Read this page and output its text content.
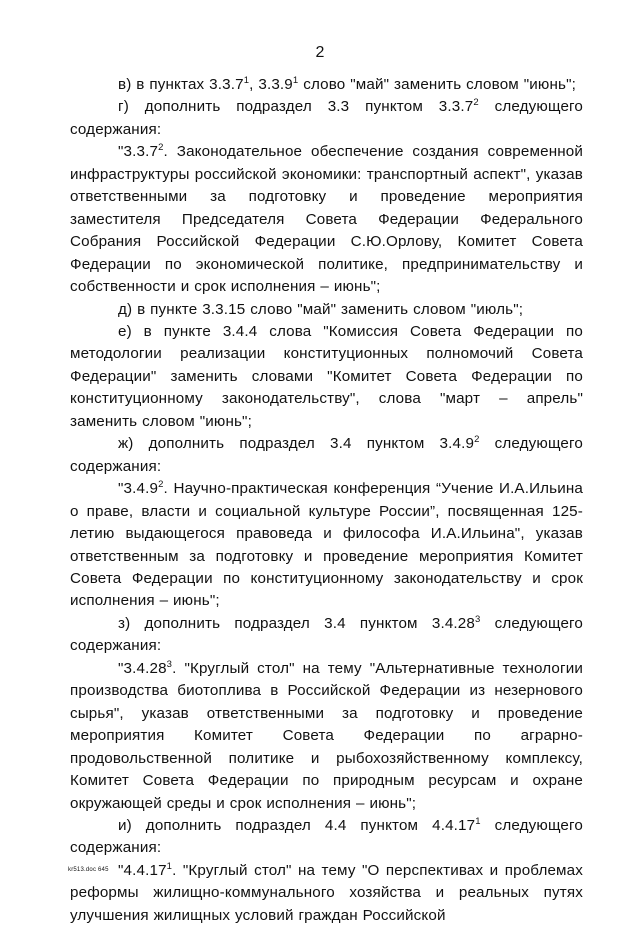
2

в) в пунктах 3.3.7$^1$, 3.3.9$^1$ слово "май" заменить словом "июнь";

г) дополнить подраздел 3.3 пунктом 3.3.7$^2$ следующего содержания:

"3.3.7$^2$. Законодательное обеспечение создания современной инфраструктуры российской экономики: транспортный аспект", указав ответственными за подготовку и проведение мероприятия заместителя Председателя Совета Федерации Федерального Собрания Российской Федерации С.Ю.Орлову, Комитет Совета Федерации по экономической политике, предпринимательству и собственности и срок исполнения – июнь";

д) в пункте 3.3.15 слово "май" заменить словом "июль";

е) в пункте 3.4.4 слова "Комиссия Совета Федерации по методологии реализации конституционных полномочий Совета Федерации" заменить словами "Комитет Совета Федерации по конституционному законодательству", слова "март – апрель" заменить словом "июнь";

ж) дополнить подраздел 3.4 пунктом 3.4.9$^2$ следующего содержания:

"3.4.9$^2$. Научно-практическая конференция “Учение И.А.Ильина о праве, власти и социальной культуре России”, посвященная 125-летию выдающегося правоведа и философа И.А.Ильина", указав ответственным за подготовку и проведение мероприятия Комитет Совета Федерации по конституционному законодательству и срок исполнения – июнь";

з) дополнить подраздел 3.4 пунктом 3.4.28$^3$ следующего содержания:

"3.4.28$^3$. "Круглый стол" на тему "Альтернативные технологии производства биотоплива в Российской Федерации из незернового сырья", указав ответственными за подготовку и проведение мероприятия Комитет Совета Федерации по аграрно-продовольственной политике и рыбохозяйственному комплексу, Комитет Совета Федерации по природным ресурсам и охране окружающей среды и срок исполнения – июнь";

и) дополнить подраздел 4.4 пунктом 4.4.17$^1$ следующего содержания:

"4.4.17$^1$. "Круглый стол" на тему "О перспективах и проблемах реформы жилищно-коммунального хозяйства и реальных путях улучшения жилищных условий граждан Российской

kr513.doc 645
